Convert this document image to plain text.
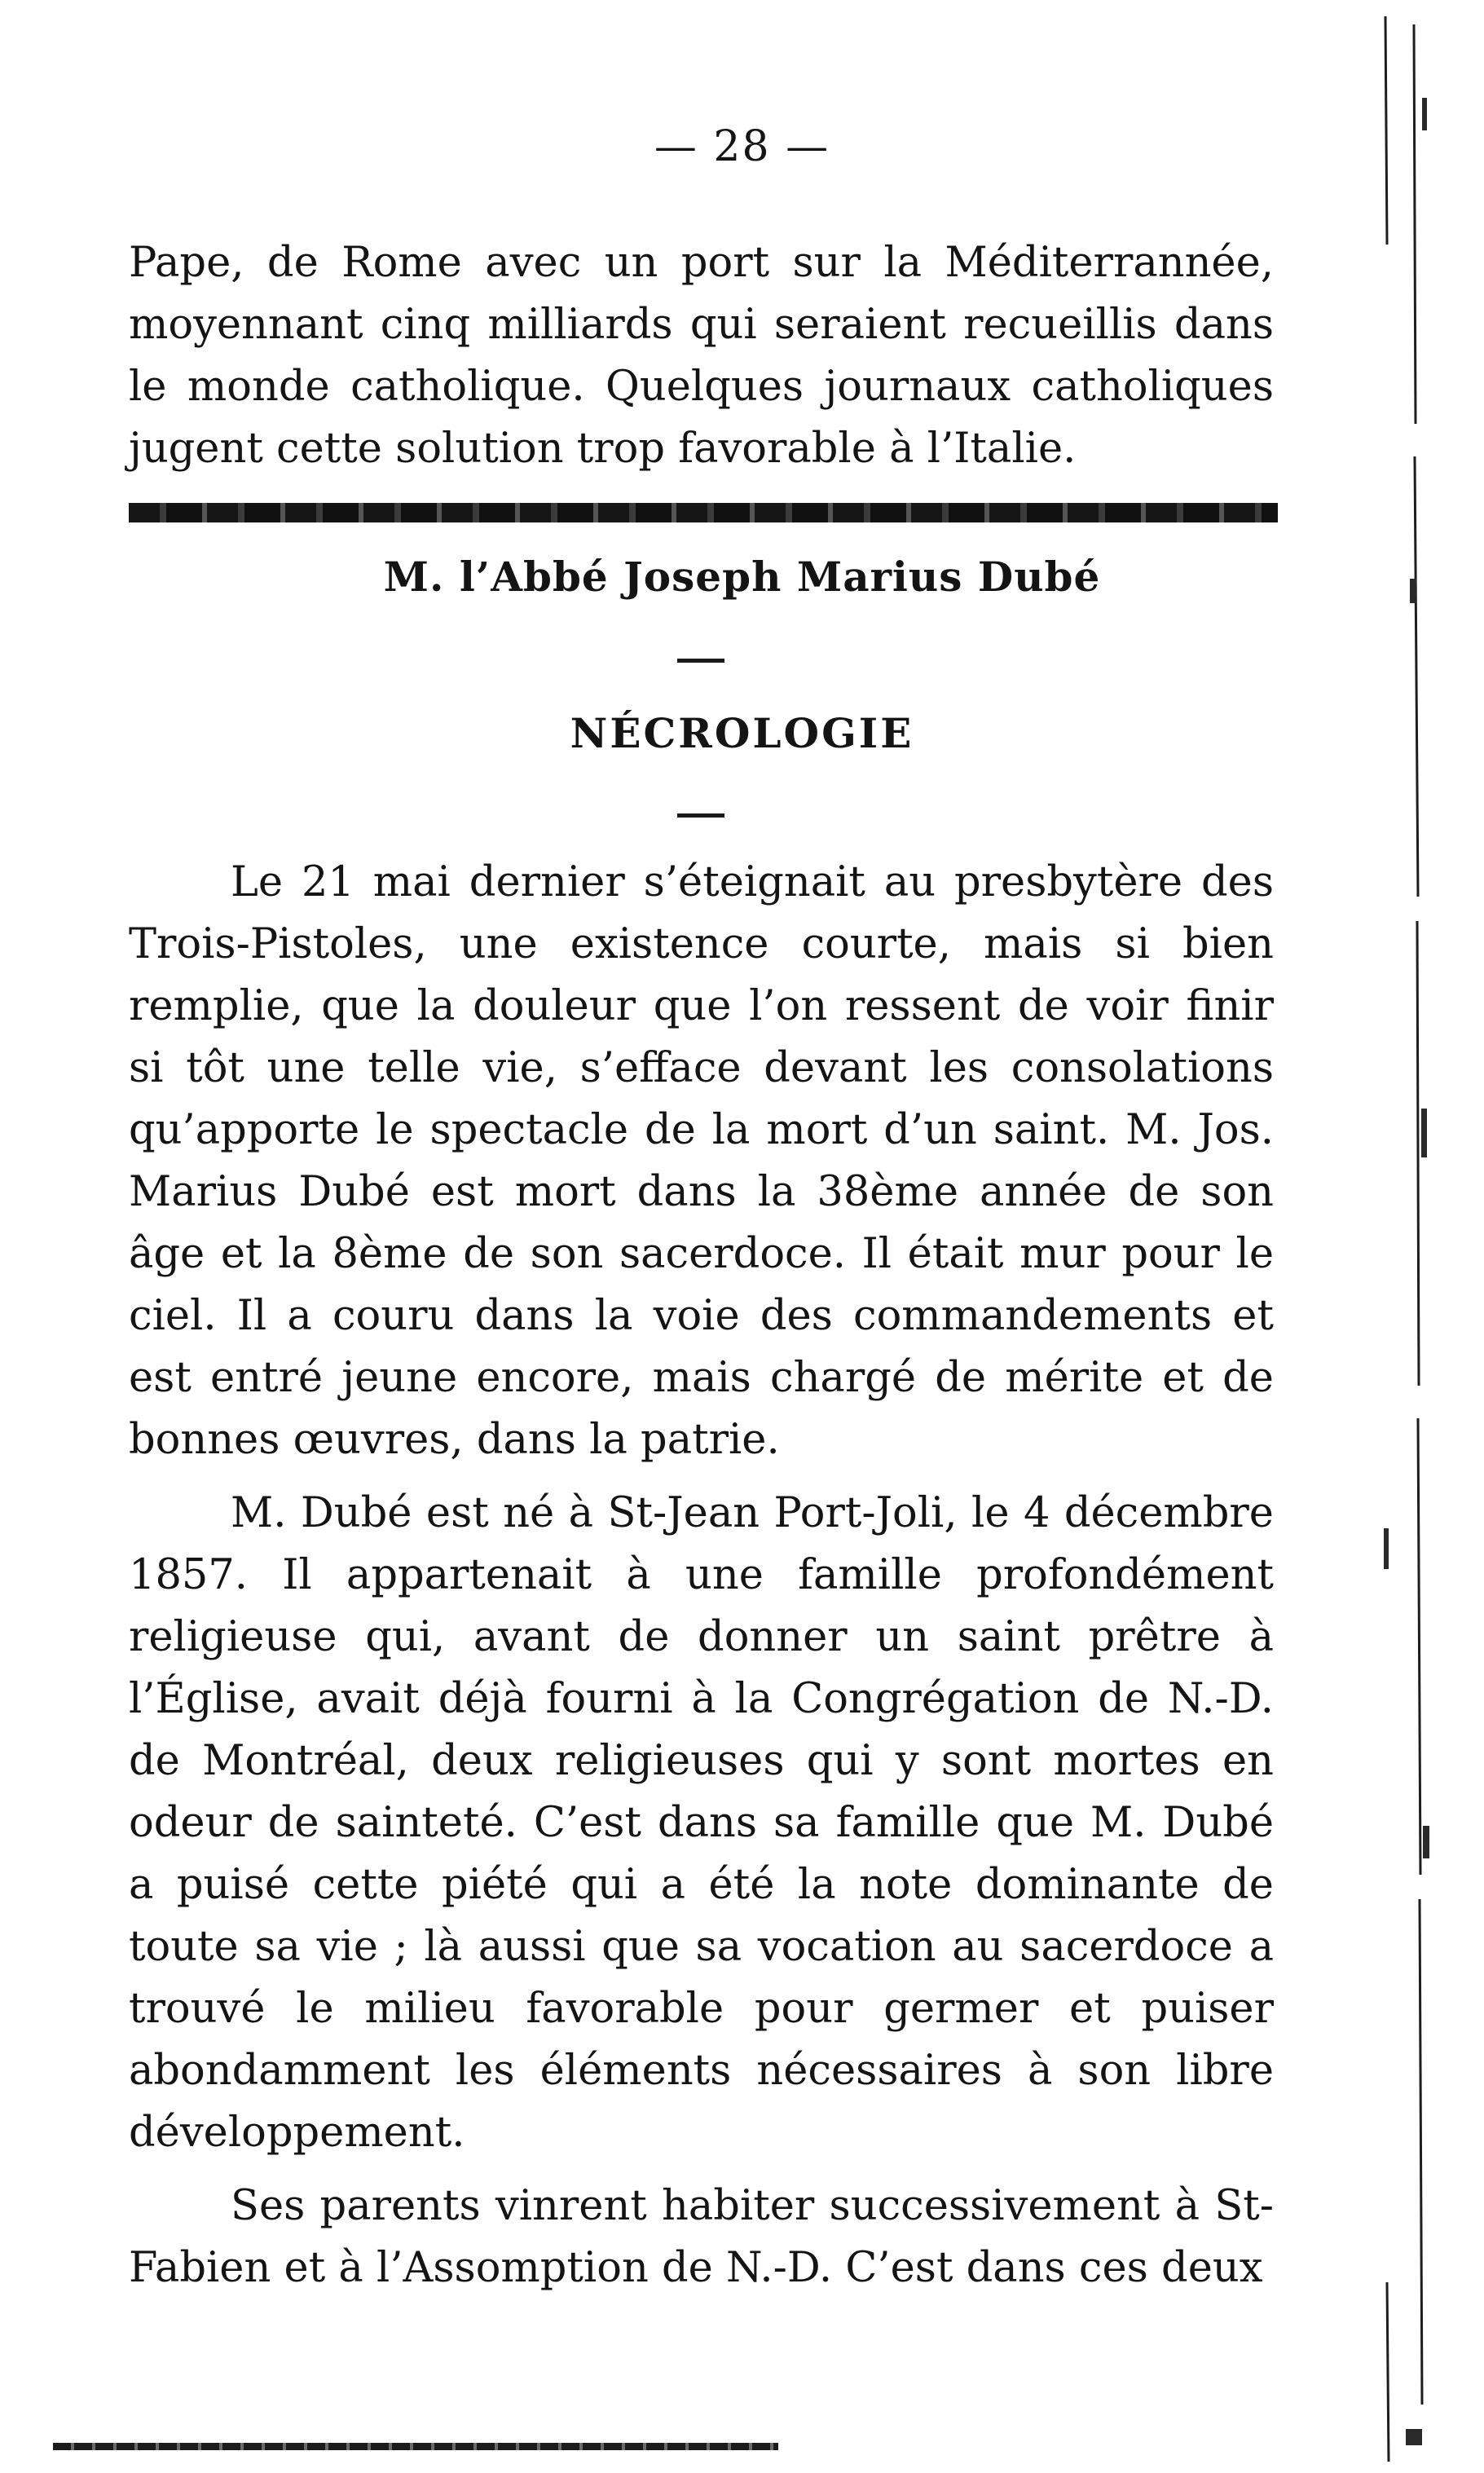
— 28 —

Pape, de Rome avec un port sur la Méditerrannée, moyennant cinq milliards qui seraient recueillis dans le monde catholique. Quelques journaux catholiques jugent cette solution trop favorable à l’Italie.

M. l’Abbé Joseph Marius Dubé
NÉCROLOGIE

Le 21 mai dernier s’éteignait au presbytère des Trois-Pistoles, une existence courte, mais si bien remplie, que la douleur que l’on ressent de voir finir si tôt une telle vie, s’efface devant les consolations qu’apporte le spectacle de la mort d’un saint. M. Jos. Marius Dubé est mort dans la 38ème année de son âge et la 8ème de son sacerdoce. Il était mur pour le ciel. Il a couru dans la voie des commandements et est entré jeune encore, mais chargé de mérite et de bonnes œuvres, dans la patrie.

M. Dubé est né à St-Jean Port-Joli, le 4 décembre 1857. Il appartenait à une famille profondément religieuse qui, avant de donner un saint prêtre à l’Église, avait déjà fourni à la Congrégation de N.-D. de Montréal, deux religieuses qui y sont mortes en odeur de sainteté. C’est dans sa famille que M. Dubé a puisé cette piété qui a été la note dominante de toute sa vie ; là aussi que sa vocation au sacerdoce a trouvé le milieu favorable pour germer et puiser abondamment les éléments nécessaires à son libre développement.

Ses parents vinrent habiter successivement à St-Fabien et à l’Assomption de N.-D. C’est dans ces deux
